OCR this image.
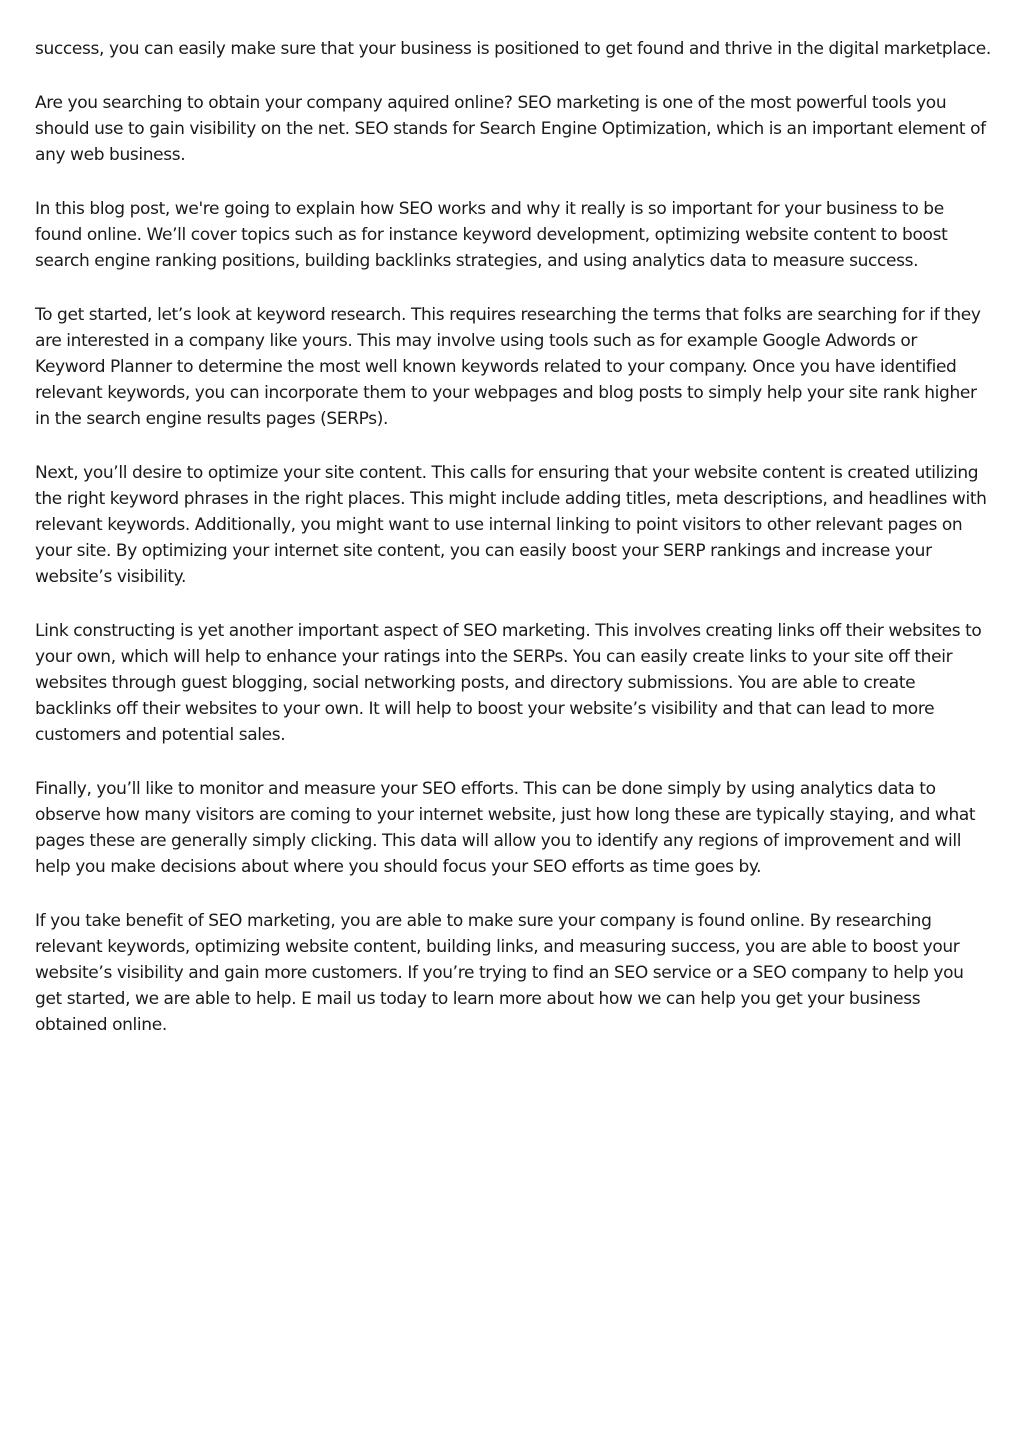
success, you can easily make sure that your business is positioned to get found and thrive in the digital marketplace.

Are you searching to obtain your company aquired online? SEO marketing is one of the most powerful tools you should use to gain visibility on the net. SEO stands for Search Engine Optimization, which is an important element of any web business.

In this blog post, we're going to explain how SEO works and why it really is so important for your business to be found online. We’ll cover topics such as for instance keyword development, optimizing website content to boost search engine ranking positions, building backlinks strategies, and using analytics data to measure success.

To get started, let’s look at keyword research. This requires researching the terms that folks are searching for if they are interested in a company like yours. This may involve using tools such as for example Google Adwords or Keyword Planner to determine the most well known keywords related to your company. Once you have identified relevant keywords, you can incorporate them to your webpages and blog posts to simply help your site rank higher in the search engine results pages (SERPs).

Next, you’ll desire to optimize your site content. This calls for ensuring that your website content is created utilizing the right keyword phrases in the right places. This might include adding titles, meta descriptions, and headlines with relevant keywords. Additionally, you might want to use internal linking to point visitors to other relevant pages on your site. By optimizing your internet site content, you can easily boost your SERP rankings and increase your website’s visibility.

Link constructing is yet another important aspect of SEO marketing. This involves creating links off their websites to your own, which will help to enhance your ratings into the SERPs. You can easily create links to your site off their websites through guest blogging, social networking posts, and directory submissions. You are able to create backlinks off their websites to your own. It will help to boost your website’s visibility and that can lead to more customers and potential sales.

Finally, you’ll like to monitor and measure your SEO efforts. This can be done simply by using analytics data to observe how many visitors are coming to your internet website, just how long these are typically staying, and what pages these are generally simply clicking. This data will allow you to identify any regions of improvement and will help you make decisions about where you should focus your SEO efforts as time goes by.

If you take benefit of SEO marketing, you are able to make sure your company is found online. By researching relevant keywords, optimizing website content, building links, and measuring success, you are able to boost your website’s visibility and gain more customers. If you’re trying to find an SEO service or a SEO company to help you get started, we are able to help. E mail us today to learn more about how we can help you get your business obtained online.
